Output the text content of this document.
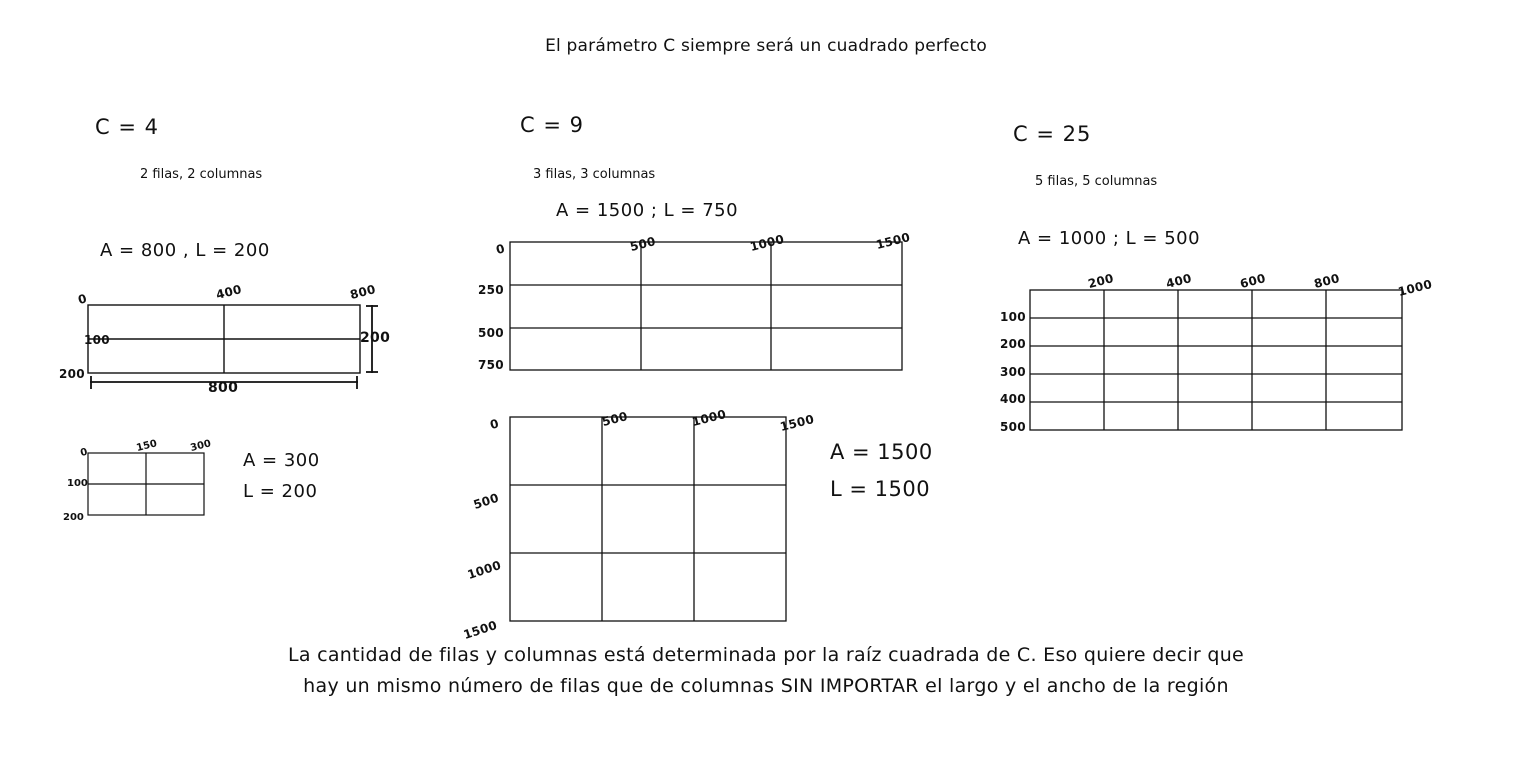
El parámetro C siempre será un cuadrado perfecto
C = 4
2 filas, 2 columnas
A = 800 , L = 200
0	400	800
100
200
800
200
0	150	300
100
200
A = 300
L = 200
C = 9
3 filas, 3 columnas
A = 1500 ; L = 750
0	500	1000	1500
250
500
750
0	500	1000	1500
500
1000
1500
A = 1500
L = 1500
C = 25
5 filas, 5 columnas
A = 1000 ; L = 500
200	400	600	800	1000
100
200
300
400
500
La cantidad de filas y columnas está determinada por la raíz cuadrada de C. Eso quiere decir que
hay un mismo número de filas que de columnas SIN IMPORTAR el largo y el ancho de la región
